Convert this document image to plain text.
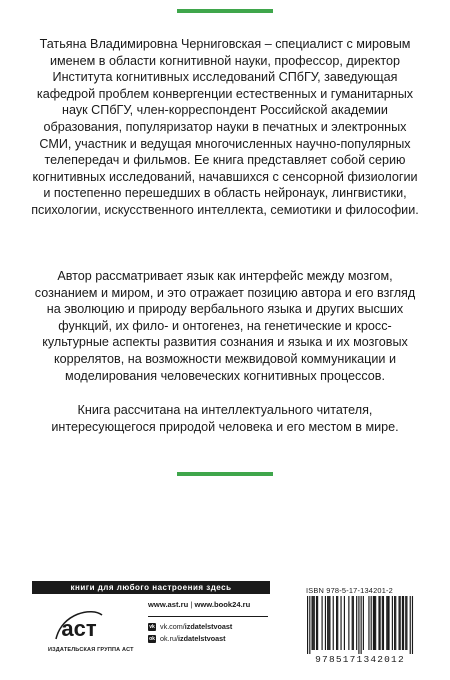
Татьяна Владимировна Черниговская – специалист с мировым именем в области когнитивной науки, профессор, директор Института когнитивных исследований СПбГУ, заведующая кафедрой проблем конвергенции естественных и гуманитарных наук СПбГУ, член-корреспондент Российской академии образования, популяризатор науки в печатных и электронных СМИ, участник и ведущая многочисленных научно-популярных телепередач и фильмов. Ее книга представляет собой серию когнитивных исследований, начавшихся с сенсорной физиологии и постепенно перешедших в область нейронаук, лингвистики, психологии, искусственного интеллекта, семиотики и философии.

Автор рассматривает язык как интерфейс между мозгом, сознанием и миром, и это отражает позицию автора и его взгляд на эволюцию и природу вербального языка и других высших функций, их фило- и онтогенез, на генетические и кросс-культурные аспекты развития сознания и языка и их мозговых коррелятов, на возможности межвидовой коммуникации и моделирования человеческих когнитивных процессов.

Книга рассчитана на интеллектуального читателя, интересующегося природой человека и его местом в мире.

книги для любого настроения здесь
аст
ИЗДАТЕЛЬСКАЯ ГРУППА АСТ
www.ast.ru | www.book24.ru
vk vk.com/ izdatelstvoast
ok ok.ru/ izdatelstvoast
ISBN 978-5-17-134201-2
9785171342012
